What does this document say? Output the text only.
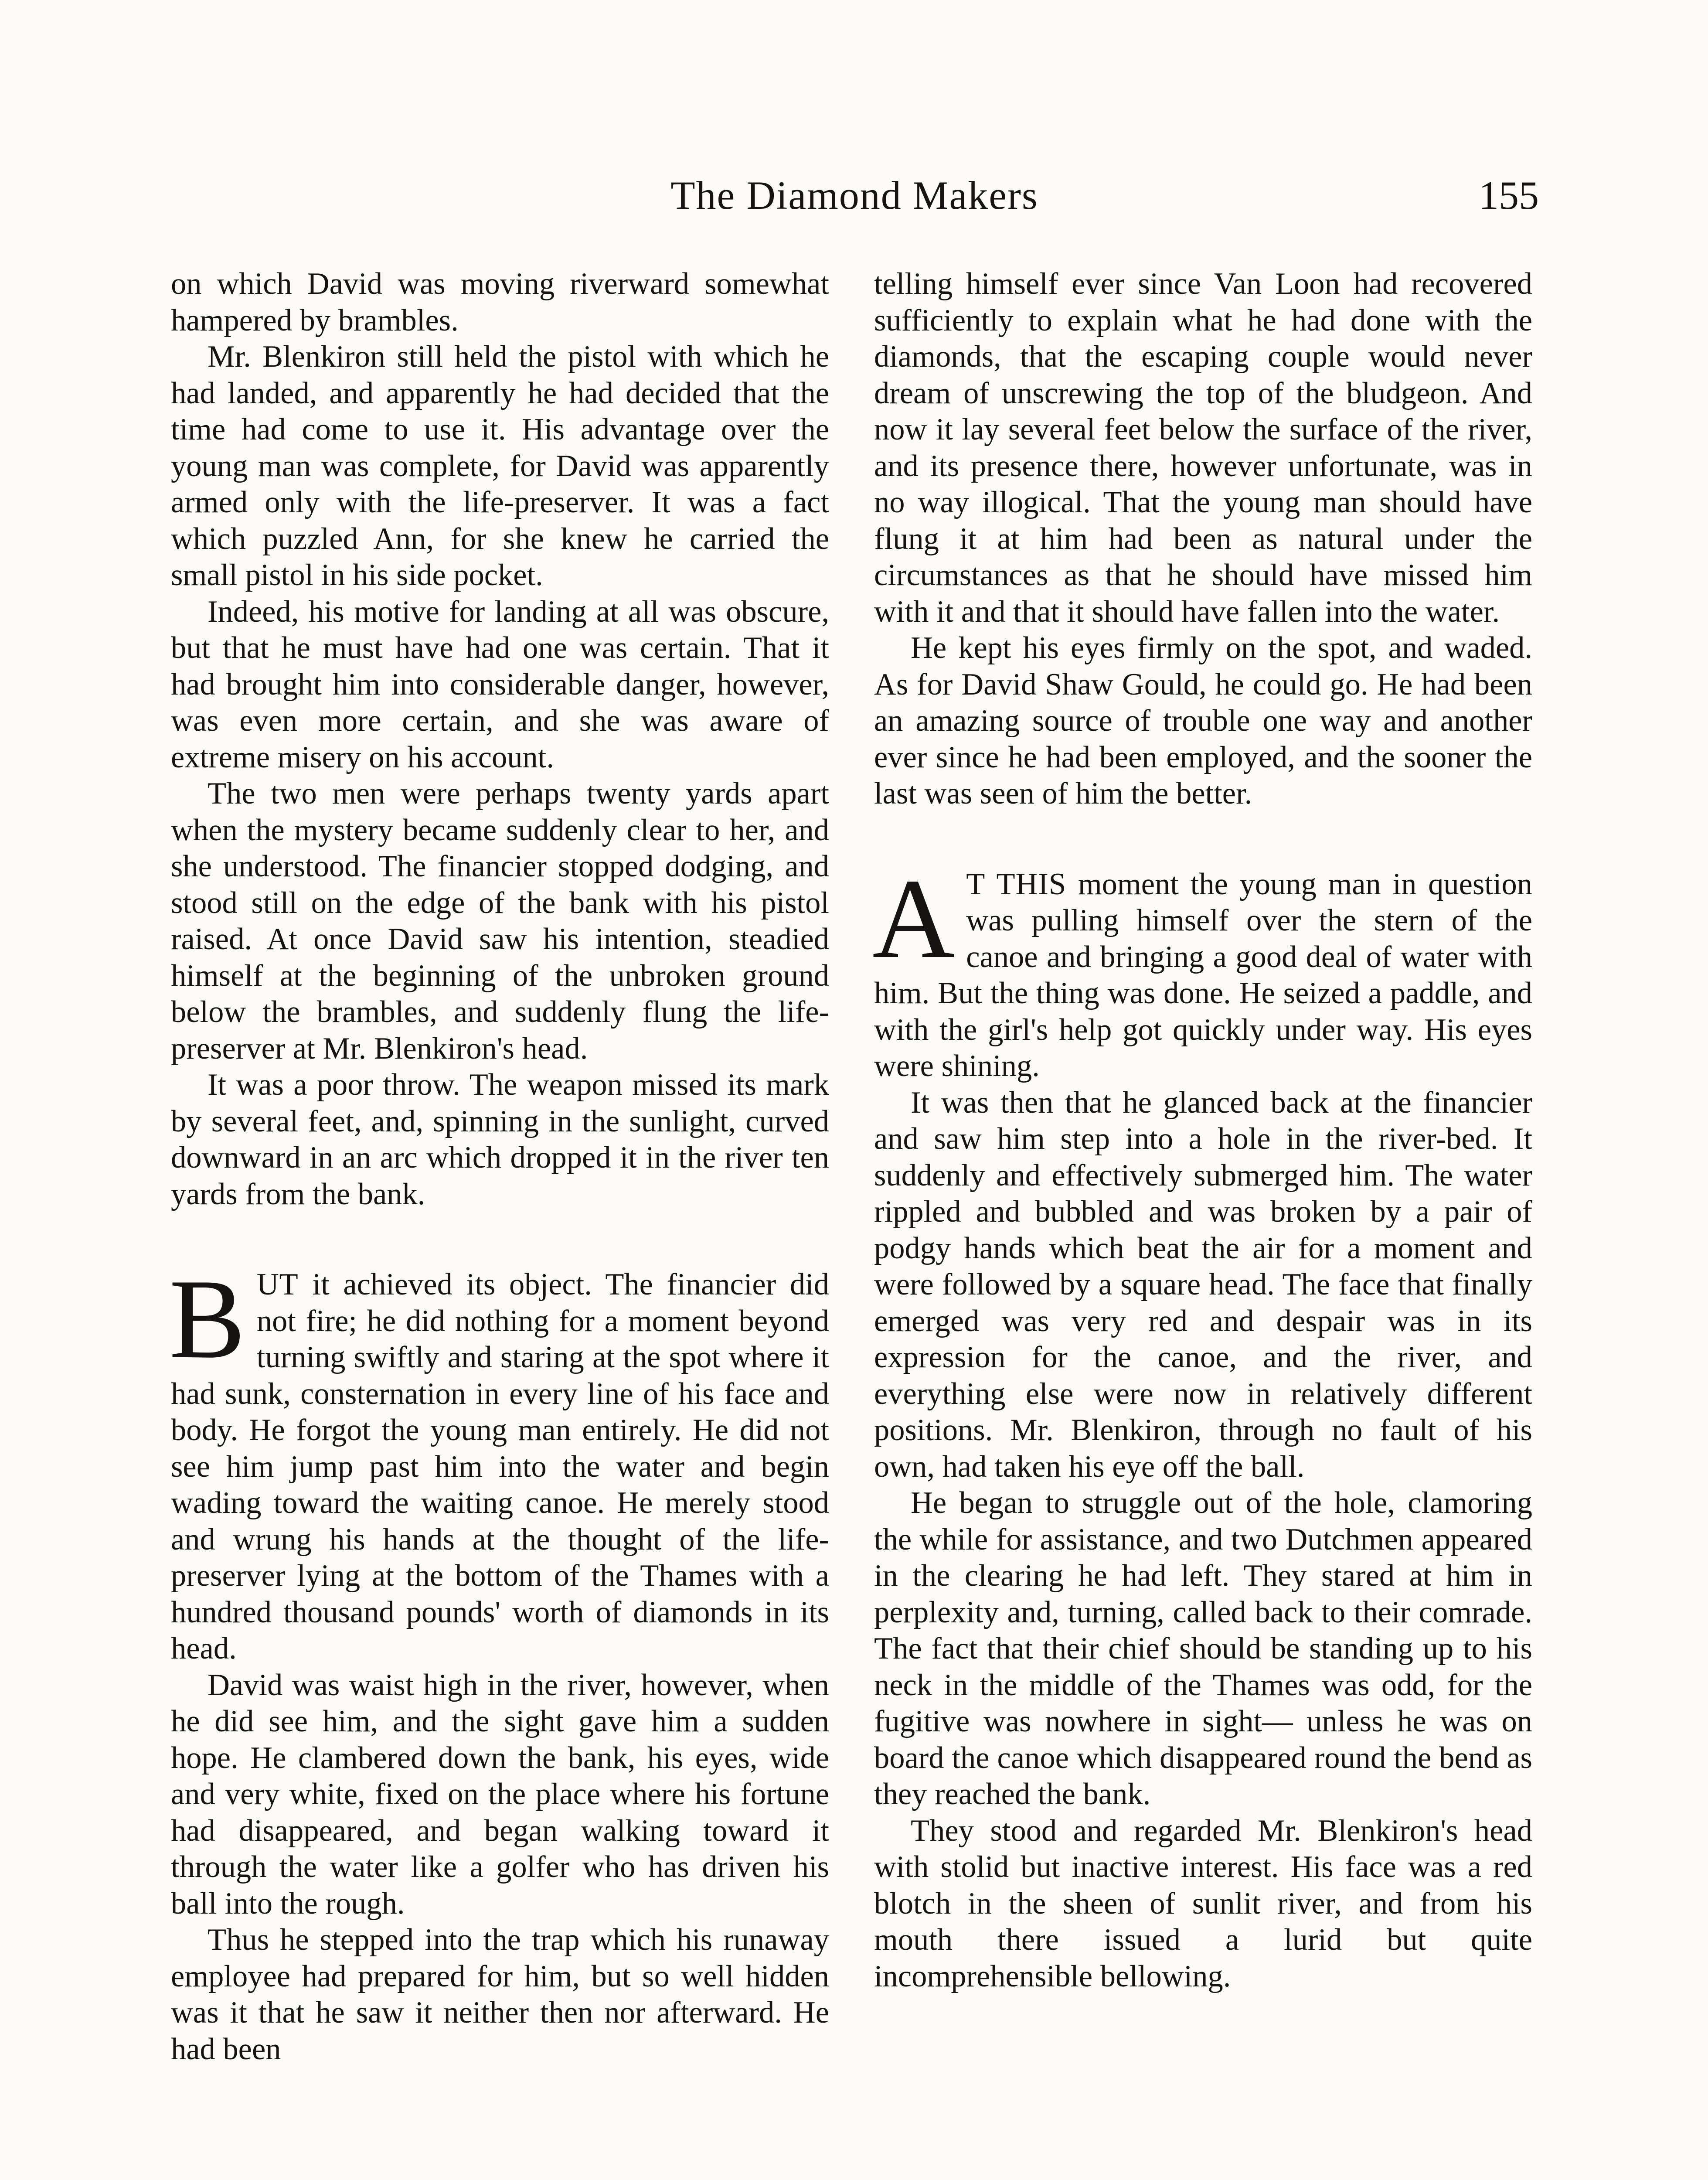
The Diamond Makers	155

on which David was moving riverward somewhat hampered by brambles.

Mr. Blenkiron still held the pistol with which he had landed, and apparently he had decided that the time had come to use it. His advantage over the young man was complete, for David was apparently armed only with the life-preserver. It was a fact which puzzled Ann, for she knew he carried the small pistol in his side pocket.

Indeed, his motive for landing at all was obscure, but that he must have had one was certain. That it had brought him into considerable danger, however, was even more certain, and she was aware of extreme misery on his account.

The two men were perhaps twenty yards apart when the mystery became suddenly clear to her, and she understood. The financier stopped dodging, and stood still on the edge of the bank with his pistol raised. At once David saw his intention, steadied himself at the beginning of the unbroken ground below the brambles, and suddenly flung the life-preserver at Mr. Blenkiron's head.

It was a poor throw. The weapon missed its mark by several feet, and, spinning in the sunlight, curved downward in an arc which dropped it in the river ten yards from the bank.

BUT it achieved its object. The financier did not fire; he did nothing for a moment beyond turning swiftly and staring at the spot where it had sunk, consternation in every line of his face and body. He forgot the young man entirely. He did not see him jump past him into the water and begin wading toward the waiting canoe. He merely stood and wrung his hands at the thought of the life-preserver lying at the bottom of the Thames with a hundred thousand pounds' worth of diamonds in its head.

David was waist high in the river, however, when he did see him, and the sight gave him a sudden hope. He clambered down the bank, his eyes, wide and very white, fixed on the place where his fortune had disappeared, and began walking toward it through the water like a golfer who has driven his ball into the rough.

Thus he stepped into the trap which his runaway employee had prepared for him, but so well hidden was it that he saw it neither then nor afterward. He had been

telling himself ever since Van Loon had recovered sufficiently to explain what he had done with the diamonds, that the escaping couple would never dream of unscrewing the top of the bludgeon. And now it lay several feet below the surface of the river, and its presence there, however unfortunate, was in no way illogical. That the young man should have flung it at him had been as natural under the circumstances as that he should have missed him with it and that it should have fallen into the water.

He kept his eyes firmly on the spot, and waded. As for David Shaw Gould, he could go. He had been an amazing source of trouble one way and another ever since he had been employed, and the sooner the last was seen of him the better.

A T THIS moment the young man in question was pulling himself over the stern of the canoe and bringing a good deal of water with him. But the thing was done. He seized a paddle, and with the girl's help got quickly under way. His eyes were shining.

It was then that he glanced back at the financier and saw him step into a hole in the river-bed. It suddenly and effectively submerged him. The water rippled and bubbled and was broken by a pair of podgy hands which beat the air for a moment and were followed by a square head. The face that finally emerged was very red and despair was in its expression for the canoe, and the river, and everything else were now in relatively different positions. Mr. Blenkiron, through no fault of his own, had taken his eye off the ball.

He began to struggle out of the hole, clamoring the while for assistance, and two Dutchmen appeared in the clearing he had left. They stared at him in perplexity and, turning, called back to their comrade. The fact that their chief should be standing up to his neck in the middle of the Thames was odd, for the fugitive was nowhere in sight— unless he was on board the canoe which disappeared round the bend as they reached the bank.

They stood and regarded Mr. Blenkiron's head with stolid but inactive interest. His face was a red blotch in the sheen of sunlit river, and from his mouth there issued a lurid but quite incomprehensible bellowing.
